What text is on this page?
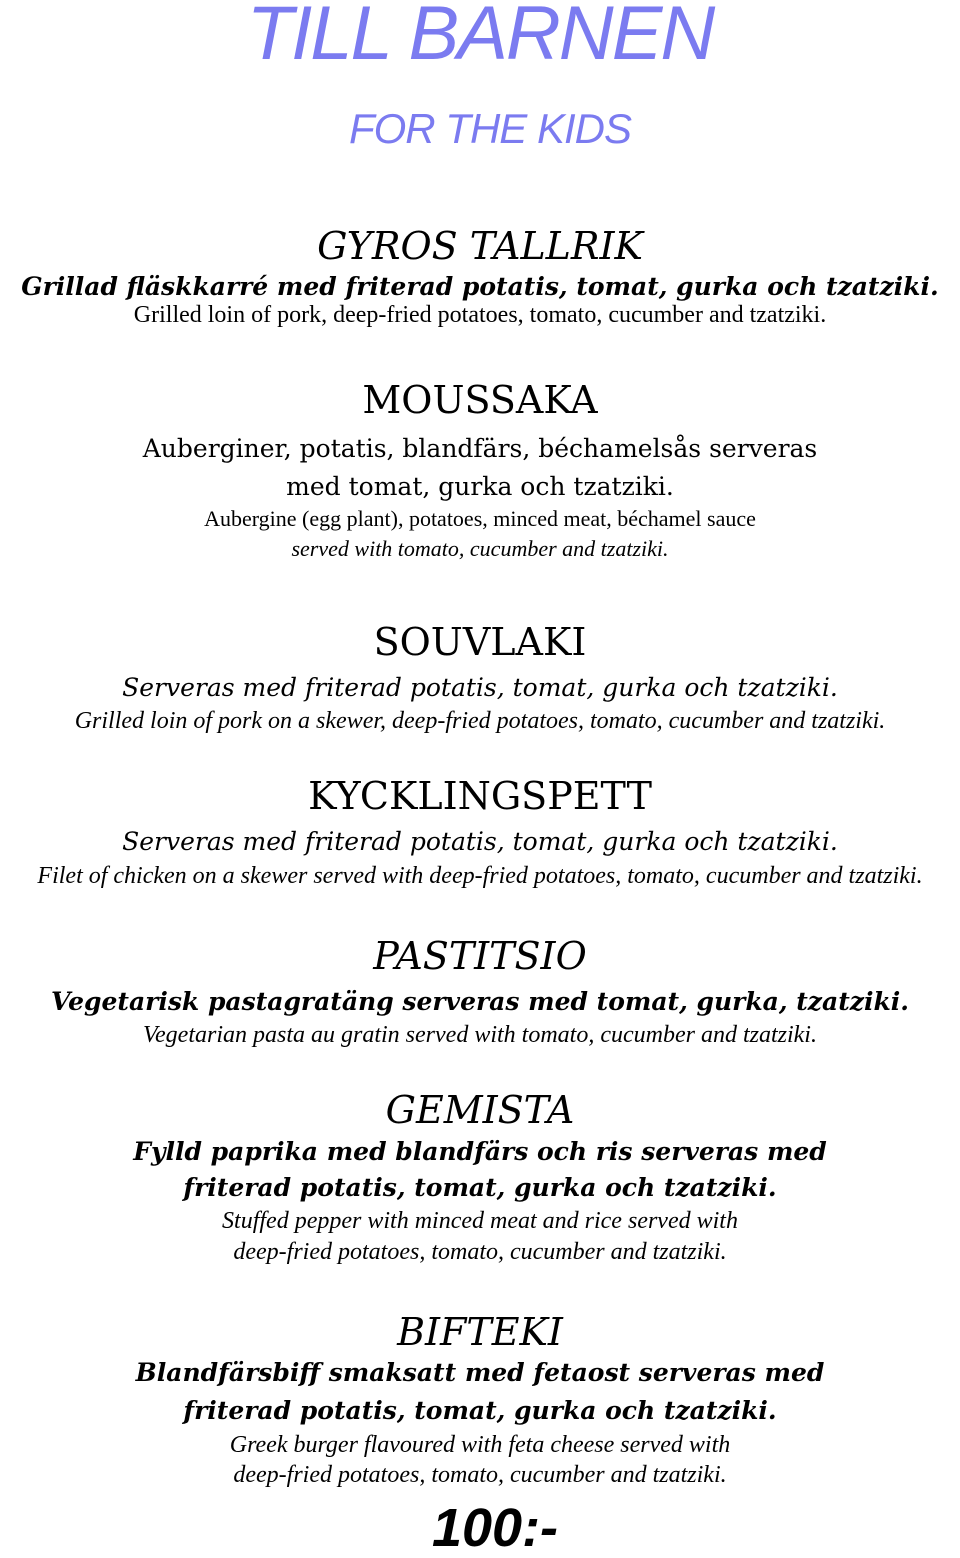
TILL BARNEN
FOR THE KIDS
GYROS TALLRIK
Grillad fläskkarré med friterad potatis, tomat, gurka och tzatziki.
Grilled loin of pork, deep-fried potatoes, tomato, cucumber and tzatziki.
MOUSSAKA
Auberginer, potatis, blandfärs, béchamelsås serveras
med tomat, gurka och tzatziki.
Aubergine (egg plant), potatoes, minced meat, béchamel sauce
served with tomato, cucumber and tzatziki.
SOUVLAKI
Serveras med friterad potatis, tomat, gurka och tzatziki.
Grilled loin of pork on a skewer, deep-fried potatoes, tomato, cucumber and tzatziki.
KYCKLINGSPETT
Serveras med friterad potatis, tomat, gurka och tzatziki.
Filet of chicken on a skewer served with deep-fried potatoes, tomato, cucumber and tzatziki.
PASTITSIO
Vegetarisk pastagratäng serveras med tomat, gurka, tzatziki.
Vegetarian pasta au gratin served with tomato, cucumber and tzatziki.
GEMISTA
Fylld paprika med blandfärs och ris serveras med
friterad potatis, tomat, gurka och tzatziki.
Stuffed pepper with minced meat and rice served with
deep-fried potatoes, tomato, cucumber and tzatziki.
BIFTEKI
Blandfärsbiff smaksatt med fetaost serveras med
friterad potatis, tomat, gurka och tzatziki.
Greek burger flavoured with feta cheese served with
deep-fried potatoes, tomato, cucumber and tzatziki.
100:-
